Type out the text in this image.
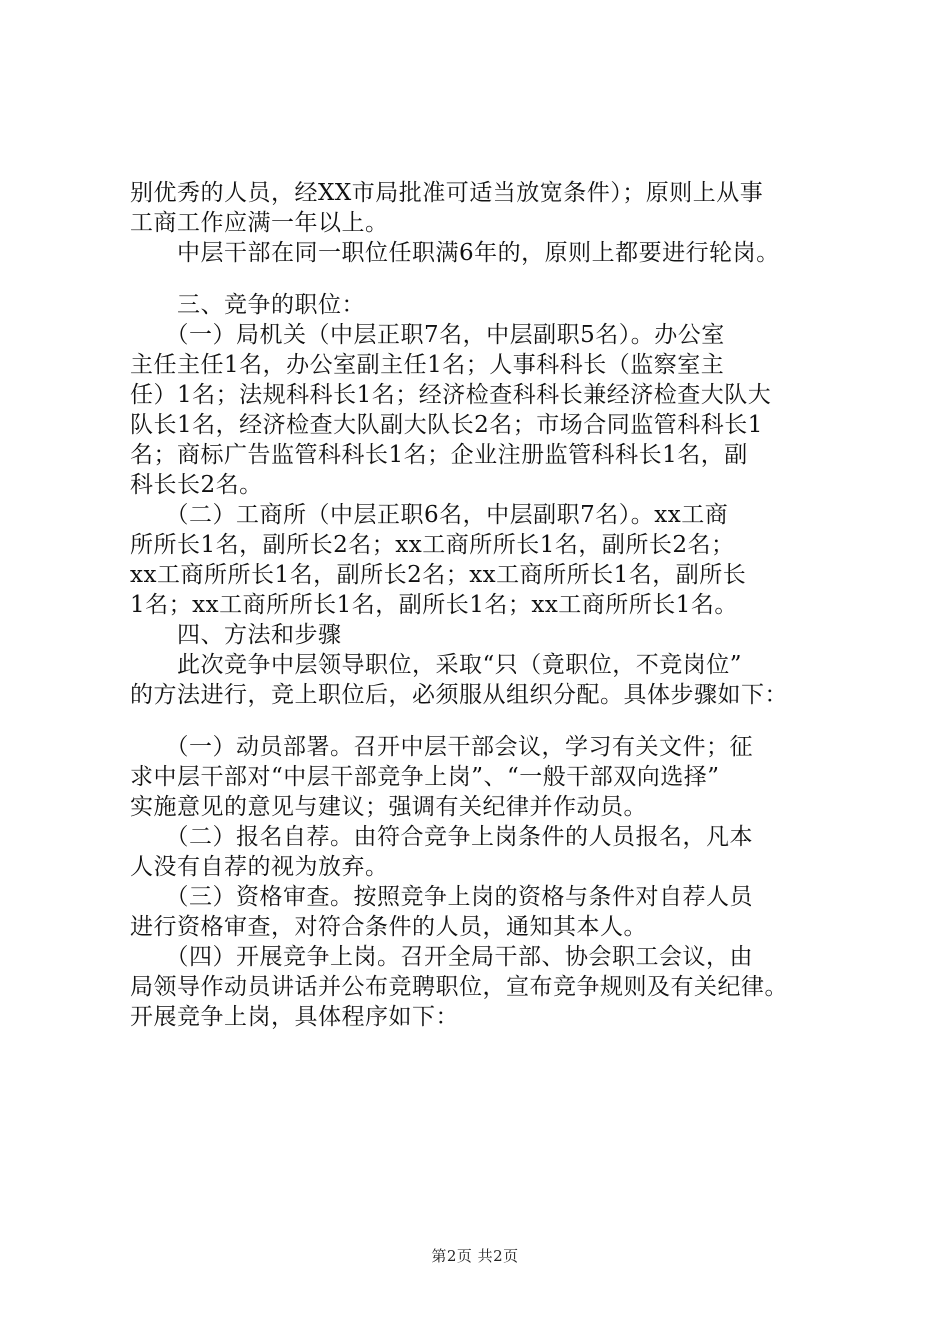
别优秀的人员，经XX市局批准可适当放宽条件）；原则上从事
工商工作应满一年以上。
　　中层干部在同一职位任职满6年的，原则上都要进行轮岗。
　　三、竞争的职位：
　　（一）局机关（中层正职7名，中层副职5名）。办公室
主任主任1名，办公室副主任1名；人事科科长（监察室主
任）1名；法规科科长1名；经济检查科科长兼经济检查大队大
队长1名，经济检查大队副大队长2名；市场合同监管科科长1
名；商标广告监管科科长1名；企业注册监管科科长1名，副
科长长2名。
　　（二）工商所（中层正职6名，中层副职7名）。xx工商
所所长1名，副所长2名；xx工商所所长1名，副所长2名；
xx工商所所长1名，副所长2名；xx工商所所长1名，副所长
1名；xx工商所所长1名，副所长1名；xx工商所所长1名。
　　四、方法和步骤
　　此次竞争中层领导职位，采取“只（竟职位，不竞岗位”
的方法进行，竞上职位后，必须服从组织分配。具体步骤如下：
　　（一）动员部署。召开中层干部会议，学习有关文件；征
求中层干部对“中层干部竞争上岗”、“一般干部双向选择”
实施意见的意见与建议；强调有关纪律并作动员。
　　（二）报名自荐。由符合竞争上岗条件的人员报名，凡本
人没有自荐的视为放弃。
　　（三）资格审查。按照竞争上岗的资格与条件对自荐人员
进行资格审查，对符合条件的人员，通知其本人。
　　（四）开展竞争上岗。召开全局干部、协会职工会议，由
局领导作动员讲话并公布竞聘职位，宣布竞争规则及有关纪律。
开展竞争上岗，具体程序如下：
第2页 共2页
